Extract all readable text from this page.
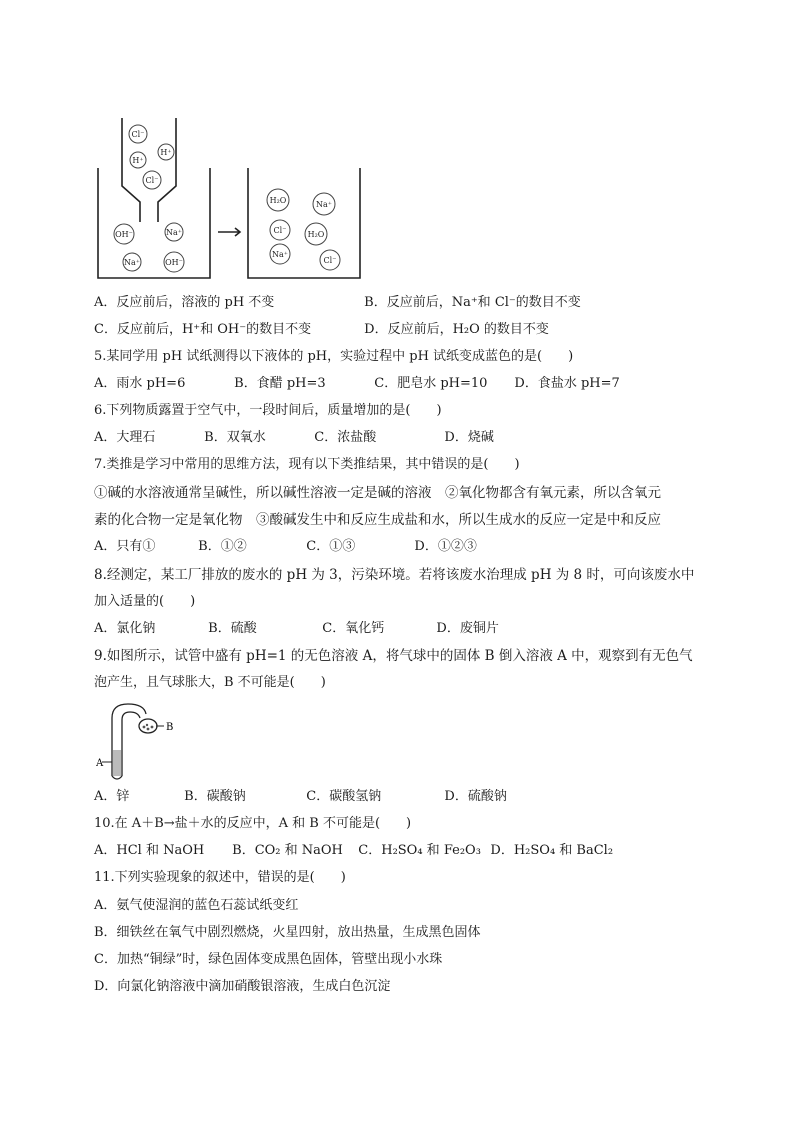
Cl⁻
H⁺
H⁺
Cl⁻
OH⁻	Na⁺
Na⁺	OH⁻
H₂O	Na⁺
Cl⁻	H₂O
Na⁺
Cl⁻
A．反应前后，溶液的 pH 不变	B．反应前后，Na⁺和 Cl⁻的数目不变
C．反应前后，H⁺和 OH⁻的数目不变	D．反应前后，H₂O 的数目不变
5.某同学用 pH 试纸测得以下液体的 pH，实验过程中 pH 试纸变成蓝色的是(　　)
A．雨水 pH=6	B．食醋 pH=3	C．肥皂水 pH=10 D．食盐水 pH=7
6.下列物质露置于空气中，一段时间后，质量增加的是(　　)
A．大理石	B．双氧水	C．浓盐酸	D．烧碱
7.类推是学习中常用的思维方法，现有以下类推结果，其中错误的是(　　)
①碱的水溶液通常呈碱性，所以碱性溶液一定是碱的溶液　②氧化物都含有氧元素，所以含氧元
素的化合物一定是氧化物　③酸碱发生中和反应生成盐和水，所以生成水的反应一定是中和反应
A．只有①	B．①②	C．①③	D．①②③
8.经测定，某工厂排放的废水的 pH 为 3，污染环境。若将该废水治理成 pH 为 8 时，可向该废水中
加入适量的(　　)
A．氯化钠	B．硫酸	C．氧化钙	D．废铜片
9.如图所示，试管中盛有 pH=1 的无色溶液 A，将气球中的固体 B 倒入溶液 A 中，观察到有无色气
泡产生，且气球胀大，B 不可能是(　　)
B
A
A．锌	B．碳酸钠	C．碳酸氢钠	D．硫酸钠
10.在 A＋B→盐＋水的反应中，A 和 B 不可能是(　　)
A．HCl 和 NaOH B．CO₂ 和 NaOH C．H₂SO₄ 和 Fe₂O₃ D．H₂SO₄ 和 BaCl₂
11.下列实验现象的叙述中，错误的是(　　)
A．氨气使湿润的蓝色石蕊试纸变红
B．细铁丝在氧气中剧烈燃烧，火星四射，放出热量，生成黑色固体
C．加热“铜绿”时，绿色固体变成黑色固体，管壁出现小水珠
D．向氯化钠溶液中滴加硝酸银溶液，生成白色沉淀
